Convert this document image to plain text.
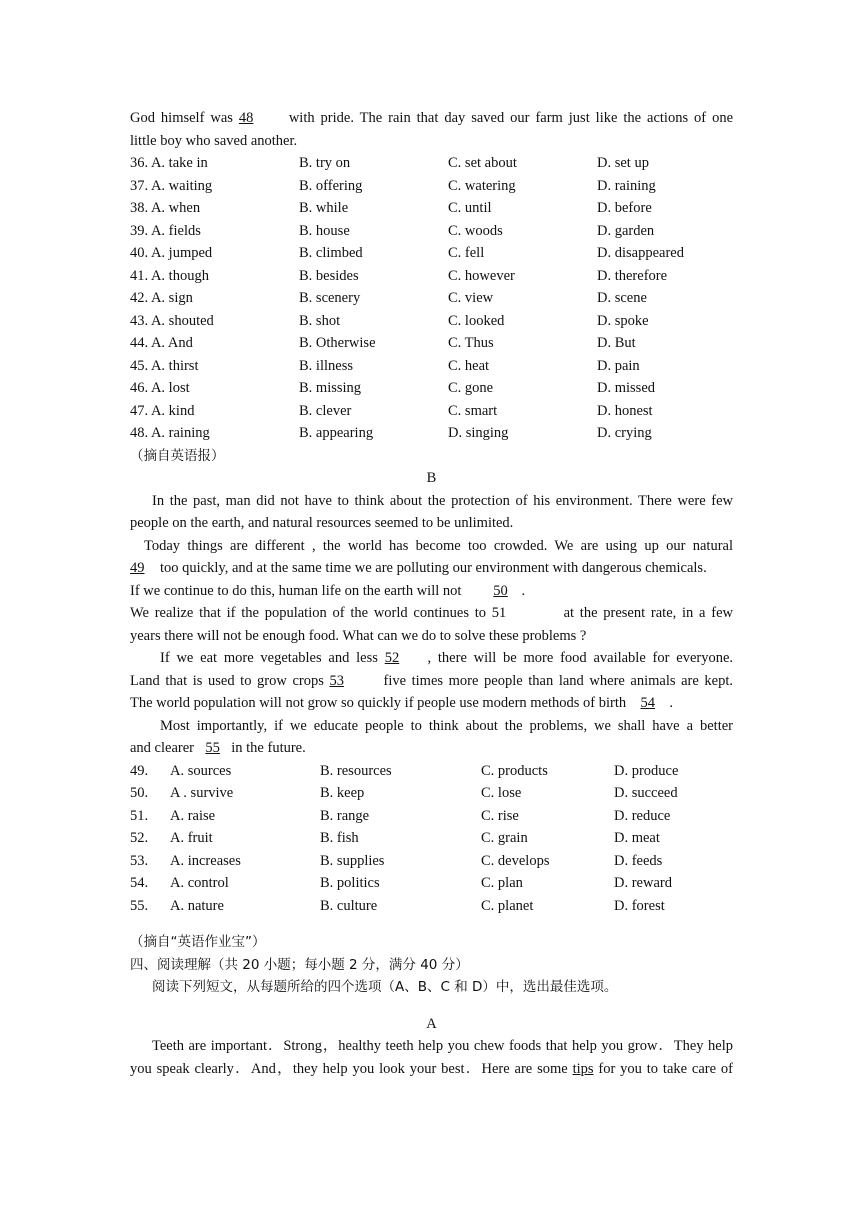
God himself was 48 with pride. The rain that day saved our farm just like the actions of one
little boy who saved another.
36. A. take in	B. try on	C. set about	D. set up
37. A. waiting	B. offering	C. watering	D. raining
38. A. when	B. while	C. until	D. before
39. A. fields	B. house	C. woods	D. garden
40. A. jumped	B. climbed	C. fell	D. disappeared
41. A. though	B. besides	C. however	D. therefore
42. A. sign	B. scenery	C. view	D. scene
43. A. shouted	B. shot	C. looked	D. spoke
44. A. And	B. Otherwise	C. Thus	D. But
45. A. thirst	B. illness	C. heat	D. pain
46. A. lost	B. missing	C. gone	D. missed
47. A. kind	B. clever	C. smart	D. honest
48. A. raining	B. appearing	D. singing	D. crying
（摘自英语报）
B
In the past, man did not have to think about the protection of his environment. There were few
people on the earth, and natural resources seemed to be unlimited.
Today things are different , the world has become too crowded. We are using up our natural
49 too quickly, and at the same time we are polluting our environment with dangerous chemicals.
If we continue to do this, human life on the earth will not 50 .
We realize that if the population of the world continues to 51	at the present rate, in a few
years there will not be enough food. What can we do to solve these problems ?
If we eat more vegetables and less 52 , there will be more food available for everyone.
Land that is used to grow crops 53	five times more people than land where animals are kept.
The world population will not grow so quickly if people use modern methods of birth 54 .
Most importantly, if we educate people to think about the problems, we shall have a better
and clearer 55 in the future.
49. A. sources	B. resources	C. products	D. produce
50. A . survive	B. keep	C. lose	D. succeed
51. A. raise	B. range	C. rise	D. reduce
52. A. fruit	B. fish	C. grain	D. meat
53. A. increases	B. supplies	C. develops	D. feeds
54. A. control	B. politics	C. plan	D. reward
55. A. nature	B. culture	C. planet	D. forest
（摘自“英语作业宝”）
四、阅读理解（共 20 小题；每小题 2 分，满分 40 分）
阅读下列短文，从每题所给的四个选项（A、B、C 和 D）中，选出最佳选项。
A
Teeth are important．Strong，healthy teeth help you chew foods that help you grow．They help
you speak clearly．And，they help you look your best．Here are some tips for you to take care of
